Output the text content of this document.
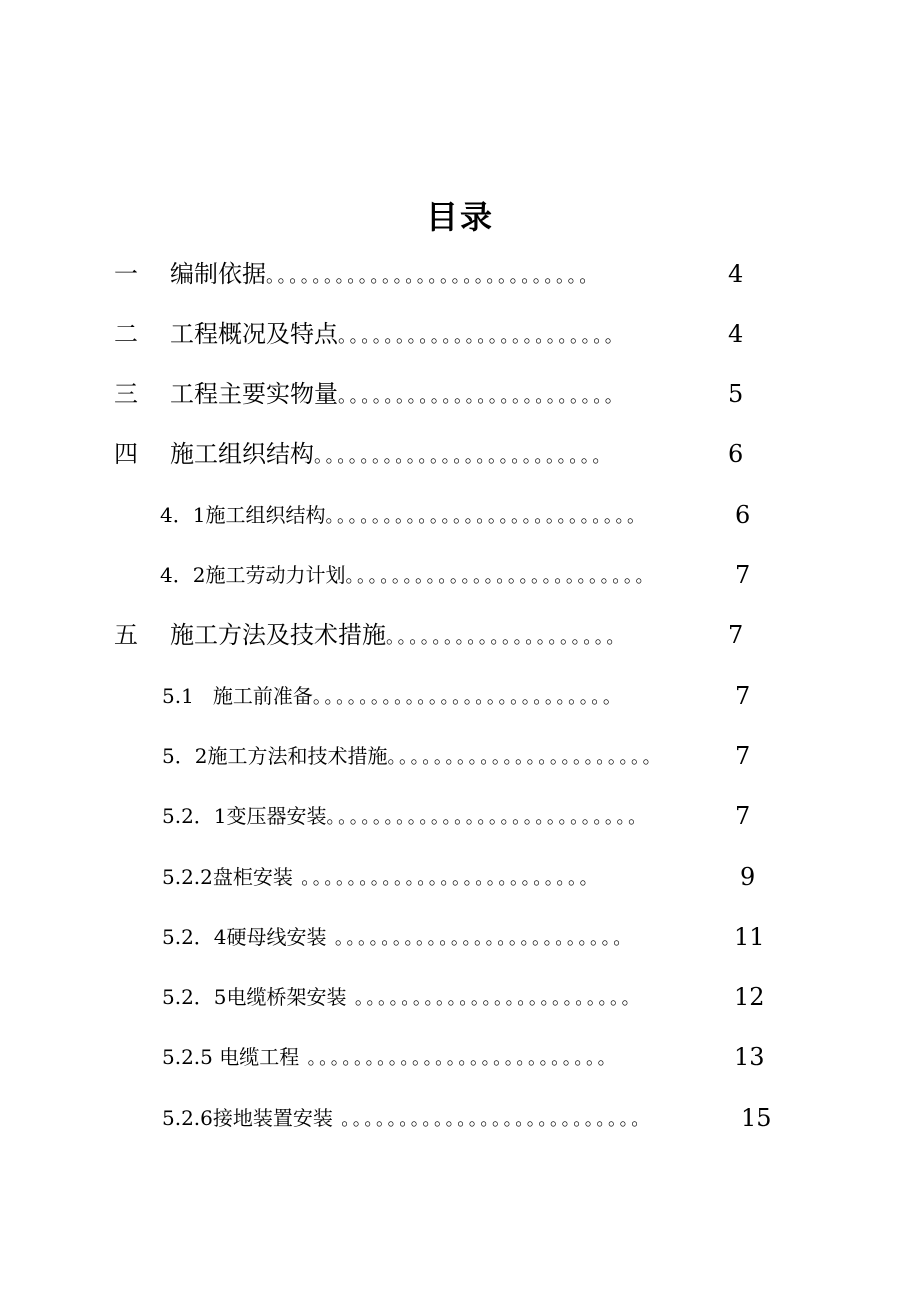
目录
一 编制依据。。。。。。。。。。。。。。。。。。。。。。。。。。。。	4
二 工程概况及特点。。。。。。。。。。。。。。。。。。。。。。。。	4
三 工程主要实物量。。。。。。。。。。。。。。。。。。。。。。。。	5
四 施工组织结构。。。。。。。。。。。。。。。。。。。。。。。。。	6
4．1施工组织结构。。。。。。。。。。。。。。。。。。。。。。。。。。。	6
4．2施工劳动力计划。。。。。。。。。。。。。。。。。。。。。。。。。。	7
五 施工方法及技术措施。。。。。。。。。。。。。。。。。。。。	7
5.1   施工前准备。。。。。。。。。。。。。。。。。。。。。。。。。。	7
5．2施工方法和技术措施。。。。。。。。。。。。。。。。。。。。。。。	7
5.2．1变压器安装。。。。。。。。。。。。。。。。。。。。。。。。。。。	7
5.2.2盘柜安装 。。。。。。。。。。。。。。。。。。。。。。。。。	9
5.2．4硬母线安装 。。。。。。。。。。。。。。。。。。。。。。。。。	11
5.2．5电缆桥架安装 。。。。。。。。。。。。。。。。。。。。。。。。	12
5.2.5 电缆工程 。。。。。。。。。。。。。。。。。。。。。。。。。。	13
5.2.6接地装置安装 。。。。。。。。。。。。。。。。。。。。。。。。。。	15
